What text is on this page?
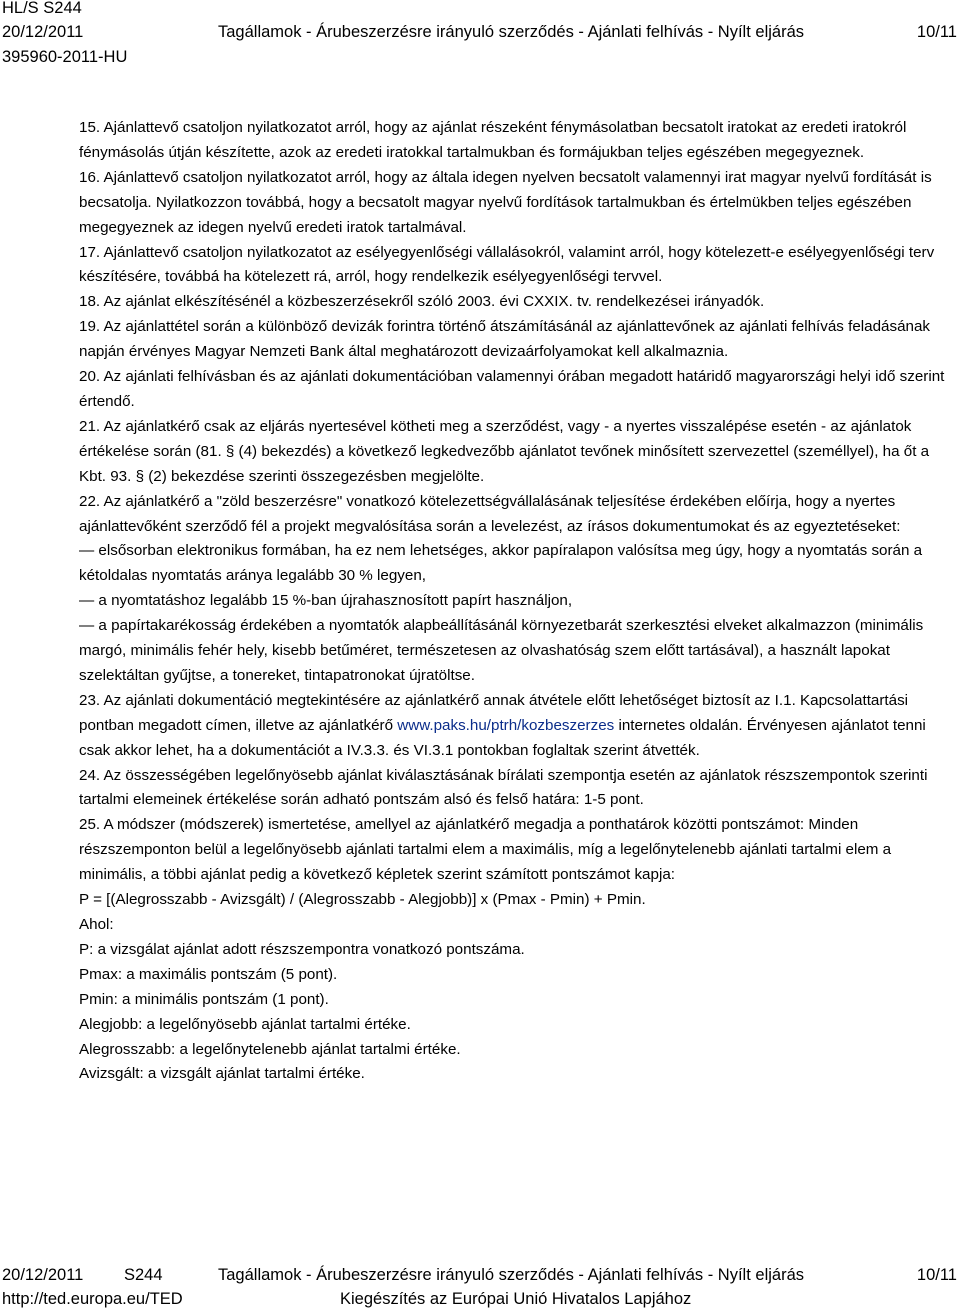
HL/S S244
20/12/2011	Tagállamok - Árubeszerzésre irányuló szerződés - Ajánlati felhívás - Nyílt eljárás	10/11
395960-2011-HU

15. Ajánlattevő csatoljon nyilatkozatot arról, hogy az ajánlat részeként fénymásolatban becsatolt iratokat az eredeti iratokról fénymásolás útján készítette, azok az eredeti iratokkal tartalmukban és formájukban teljes egészében megegyeznek.

16. Ajánlattevő csatoljon nyilatkozatot arról, hogy az általa idegen nyelven becsatolt valamennyi irat magyar nyelvű fordítását is becsatolja. Nyilatkozzon továbbá, hogy a becsatolt magyar nyelvű fordítások tartalmukban és értelmükben teljes egészében megegyeznek az idegen nyelvű eredeti iratok tartalmával.

17. Ajánlattevő csatoljon nyilatkozatot az esélyegyenlőségi vállalásokról, valamint arról, hogy kötelezett-e esélyegyenlőségi terv készítésére, továbbá ha kötelezett rá, arról, hogy rendelkezik esélyegyenlőségi tervvel.

18. Az ajánlat elkészítésénél a közbeszerzésekről szóló 2003. évi CXXIX. tv. rendelkezései irányadók.

19. Az ajánlattétel során a különböző devizák forintra történő átszámításánál az ajánlattevőnek az ajánlati felhívás feladásának napján érvényes Magyar Nemzeti Bank által meghatározott devizaárfolyamokat kell alkalmaznia.

20. Az ajánlati felhívásban és az ajánlati dokumentációban valamennyi órában megadott határidő magyarországi helyi idő szerint értendő.

21. Az ajánlatkérő csak az eljárás nyertesével kötheti meg a szerződést, vagy - a nyertes visszalépése esetén - az ajánlatok értékelése során (81. § (4) bekezdés) a következő legkedvezőbb ajánlatot tevőnek minősített szervezettel (személlyel), ha őt a Kbt. 93. § (2) bekezdése szerinti összegezésben megjelölte.

22. Az ajánlatkérő a "zöld beszerzésre" vonatkozó kötelezettségvállalásának teljesítése érdekében előírja, hogy a nyertes ajánlattevőként szerződő fél a projekt megvalósítása során a levelezést, az írásos dokumentumokat és az egyeztetéseket:

— elsősorban elektronikus formában, ha ez nem lehetséges, akkor papíralapon valósítsa meg úgy, hogy a nyomtatás során a kétoldalas nyomtatás aránya legalább 30 % legyen,

— a nyomtatáshoz legalább 15 %-ban újrahasznosított papírt használjon,

— a papírtakarékosság érdekében a nyomtatók alapbeállításánál környezetbarát szerkesztési elveket alkalmazzon (minimális margó, minimális fehér hely, kisebb betűméret, természetesen az olvashatóság szem előtt tartásával), a használt lapokat szelektáltan gyűjtse, a tonereket, tintapatronokat újratöltse.

23. Az ajánlati dokumentáció megtekintésére az ajánlatkérő annak átvétele előtt lehetőséget biztosít az I.1. Kapcsolattartási pontban megadott címen, illetve az ajánlatkérő www.paks.hu/ptrh/kozbeszerzes internetes oldalán. Érvényesen ajánlatot tenni csak akkor lehet, ha a dokumentációt a IV.3.3. és VI.3.1 pontokban foglaltak szerint átvették.

24. Az összességében legelőnyösebb ajánlat kiválasztásának bírálati szempontja esetén az ajánlatok részszempontok szerinti tartalmi elemeinek értékelése során adható pontszám alsó és felső határa: 1-5 pont.

25. A módszer (módszerek) ismertetése, amellyel az ajánlatkérő megadja a ponthatárok közötti pontszámot: Minden részszemponton belül a legelőnyösebb ajánlati tartalmi elem a maximális, míg a legelőnytelenebb ajánlati tartalmi elem a minimális, a többi ajánlat pedig a következő képletek szerint számított pontszámot kapja:

P = [(Alegrosszabb - Avizsgált) / (Alegrosszabb - Alegjobb)] x (Pmax - Pmin) + Pmin.

Ahol:

P: a vizsgálat ajánlat adott részszempontra vonatkozó pontszáma.

Pmax: a maximális pontszám (5 pont).

Pmin: a minimális pontszám (1 pont).

Alegjobb: a legelőnyösebb ajánlat tartalmi értéke.

Alegrosszabb: a legelőnytelenebb ajánlat tartalmi értéke.

Avizsgált: a vizsgált ajánlat tartalmi értéke.

20/12/2011 S244	Tagállamok - Árubeszerzésre irányuló szerződés - Ajánlati felhívás - Nyílt eljárás	10/11
http://ted.europa.eu/TED	Kiegészítés az Európai Unió Hivatalos Lapjához
